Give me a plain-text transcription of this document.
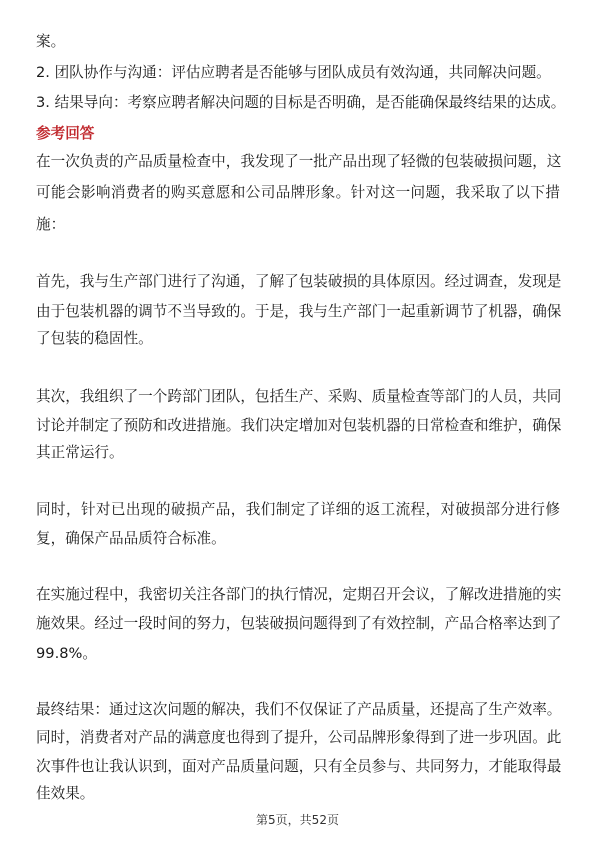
案。
2. 团队协作与沟通：评估应聘者是否能够与团队成员有效沟通，共同解决问题。
3. 结果导向：考察应聘者解决问题的目标是否明确，是否能确保最终结果的达成。
参考回答
在一次负责的产品质量检查中，我发现了一批产品出现了轻微的包装破损问题，这
可能会影响消费者的购买意愿和公司品牌形象。针对这一问题，我采取了以下措
施：
首先，我与生产部门进行了沟通，了解了包装破损的具体原因。经过调查，发现是
由于包装机器的调节不当导致的。于是，我与生产部门一起重新调节了机器，确保
了包装的稳固性。
其次，我组织了一个跨部门团队，包括生产、采购、质量检查等部门的人员，共同
讨论并制定了预防和改进措施。我们决定增加对包装机器的日常检查和维护，确保
其正常运行。
同时，针对已出现的破损产品，我们制定了详细的返工流程，对破损部分进行修
复，确保产品品质符合标准。
在实施过程中，我密切关注各部门的执行情况，定期召开会议，了解改进措施的实
施效果。经过一段时间的努力，包装破损问题得到了有效控制，产品合格率达到了
99.8%。
最终结果：通过这次问题的解决，我们不仅保证了产品质量，还提高了生产效率。
同时，消费者对产品的满意度也得到了提升，公司品牌形象得到了进一步巩固。此
次事件也让我认识到，面对产品质量问题，只有全员参与、共同努力，才能取得最
佳效果。
第5页，共52页
